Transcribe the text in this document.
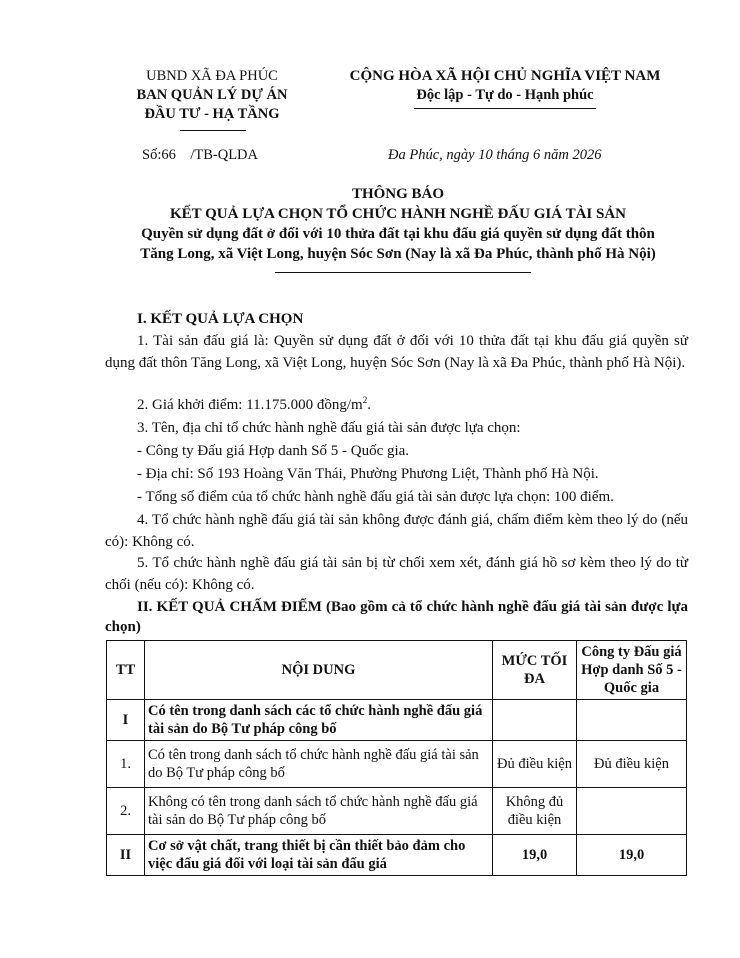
UBND XÃ ĐA PHÚC
BAN QUẢN LÝ DỰ ÁN
ĐẦU TƯ - HẠ TẦNG
Số:66    /TB-QLDA
CỘNG HÒA XÃ HỘI CHỦ NGHĨA VIỆT NAM
Độc lập - Tự do - Hạnh phúc
Đa Phúc, ngày 10 tháng 6 năm 2026
THÔNG BÁO
KẾT QUẢ LỰA CHỌN TỔ CHỨC HÀNH NGHỀ ĐẤU GIÁ TÀI SẢN
Quyền sử dụng đất ở đối với 10 thửa đất tại khu đấu giá quyền sử dụng đất thôn
Tăng Long, xã Việt Long, huyện Sóc Sơn (Nay là xã Đa Phúc, thành phố Hà Nội)
I. KẾT QUẢ LỰA CHỌN
1. Tài sản đấu giá là: Quyền sử dụng đất ở đối với 10 thửa đất tại khu đấu giá quyền sử dụng đất thôn Tăng Long, xã Việt Long, huyện Sóc Sơn (Nay là xã Đa Phúc, thành phố Hà Nội).
2. Giá khởi điểm: 11.175.000 đồng/$m^2$.
3. Tên, địa chỉ tổ chức hành nghề đấu giá tài sản được lựa chọn:
- Công ty Đấu giá Hợp danh Số 5 - Quốc gia.
- Địa chỉ: Số 193 Hoàng Văn Thái, Phường Phương Liệt, Thành phố Hà Nội.
- Tổng số điểm của tổ chức hành nghề đấu giá tài sản được lựa chọn: 100 điểm.
4. Tổ chức hành nghề đấu giá tài sản không được đánh giá, chấm điểm kèm theo lý do (nếu có): Không có.
5. Tổ chức hành nghề đấu giá tài sản bị từ chối xem xét, đánh giá hồ sơ kèm theo lý do từ chối (nếu có): Không có.
II. KẾT QUẢ CHẤM ĐIỂM (Bao gồm cả tổ chức hành nghề đấu giá tài sản được lựa chọn)
TT	NỘI DUNG	MỨC TỐI ĐA	Công ty Đấu giá Hợp danh Số 5 - Quốc gia
I	Có tên trong danh sách các tổ chức hành nghề đấu giá tài sản do Bộ Tư pháp công bố		
1.	Có tên trong danh sách tổ chức hành nghề đấu giá tài sản do Bộ Tư pháp công bố	Đủ điều kiện	Đủ điều kiện
2.	Không có tên trong danh sách tổ chức hành nghề đấu giá tài sản do Bộ Tư pháp công bố	Không đủ điều kiện	
II	Cơ sở vật chất, trang thiết bị cần thiết bảo đảm cho việc đấu giá đối với loại tài sản đấu giá	19,0	19,0
